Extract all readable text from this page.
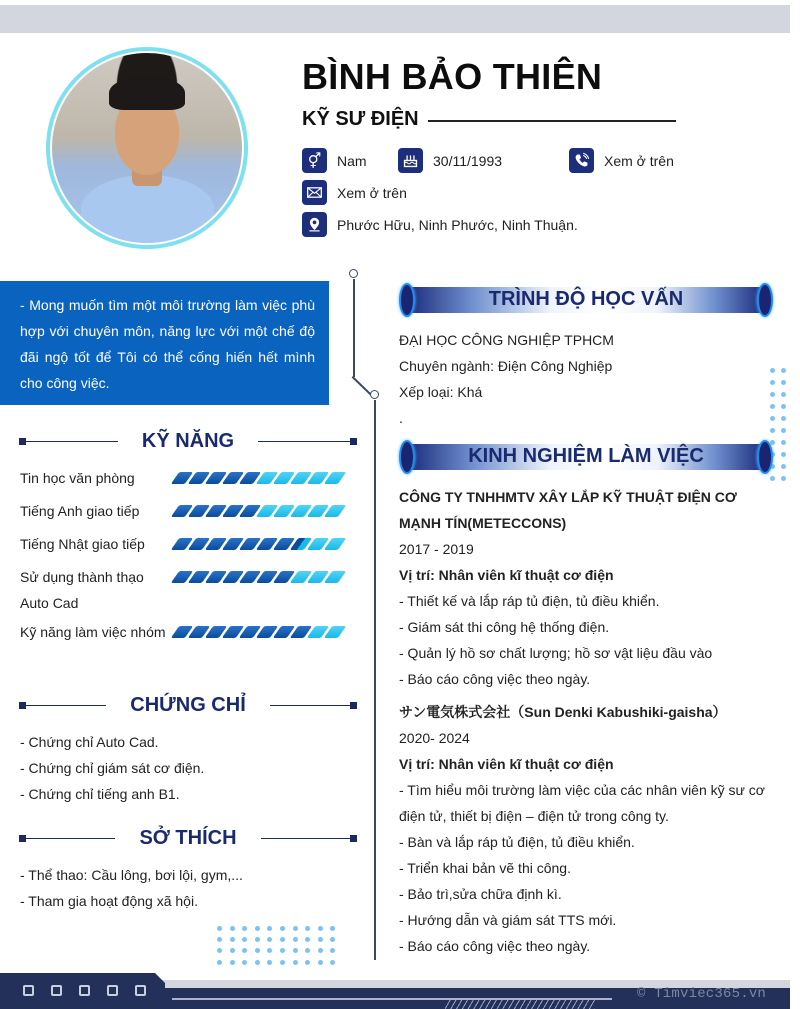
BÌNH BẢO THIÊN
KỸ SƯ ĐIỆN
⚥	Nam	30/11/1993	Xem ở trên
Xem ở trên
Phước Hữu, Ninh Phước, Ninh Thuận.
- Mong muốn tìm một môi trường làm việc phù hợp với chuyên môn, năng lực với một chế độ đãi ngộ tốt để Tôi có thể cống hiến hết mình cho công việc.
KỸ NĂNG
Tin học văn phòng
Tiếng Anh giao tiếp
Tiếng Nhật giao tiếp
Sử dụng thành thạo Auto Cad
Kỹ năng làm việc nhóm
CHỨNG CHỈ
- Chứng chỉ Auto Cad.
- Chứng chỉ giám sát cơ điện.
- Chứng chỉ tiếng anh B1.
SỞ THÍCH
- Thể thao: Cầu lông, bơi lội, gym,...
- Tham gia hoạt động xã hội.
TRÌNH ĐỘ HỌC VẤN
ĐẠI HỌC CÔNG NGHIỆP TPHCM
Chuyên ngành: Điện Công Nghiệp
Xếp loại: Khá
.
KINH NGHIỆM LÀM VIỆC
CÔNG TY TNHHMTV XÂY LẮP KỸ THUẬT ĐIỆN CƠ MẠNH TÍN(METECCONS)
2017 - 2019
Vị trí: Nhân viên kĩ thuật cơ điện
- Thiết kế và lắp ráp tủ điện, tủ điều khiển.
- Giám sát thi công hệ thống điện.
- Quản lý hồ sơ chất lượng; hồ sơ vật liệu đầu vào
- Báo cáo công việc theo ngày.
サン電気株式会社（Sun Denki Kabushiki-gaisha）
2020- 2024
Vị trí: Nhân viên kĩ thuật cơ điện
- Tìm hiểu môi trường làm việc của các nhân viên kỹ sư cơ điện tử, thiết bị điện – điện tử trong công ty.
- Bàn và lắp ráp tủ điện, tủ điều khiển.
- Triển khai bản vẽ thi công.
- Bảo trì,sửa chữa định kì.
- Hướng dẫn và giám sát TTS mới.
- Báo cáo công việc theo ngày.
© Timviec365.vn
